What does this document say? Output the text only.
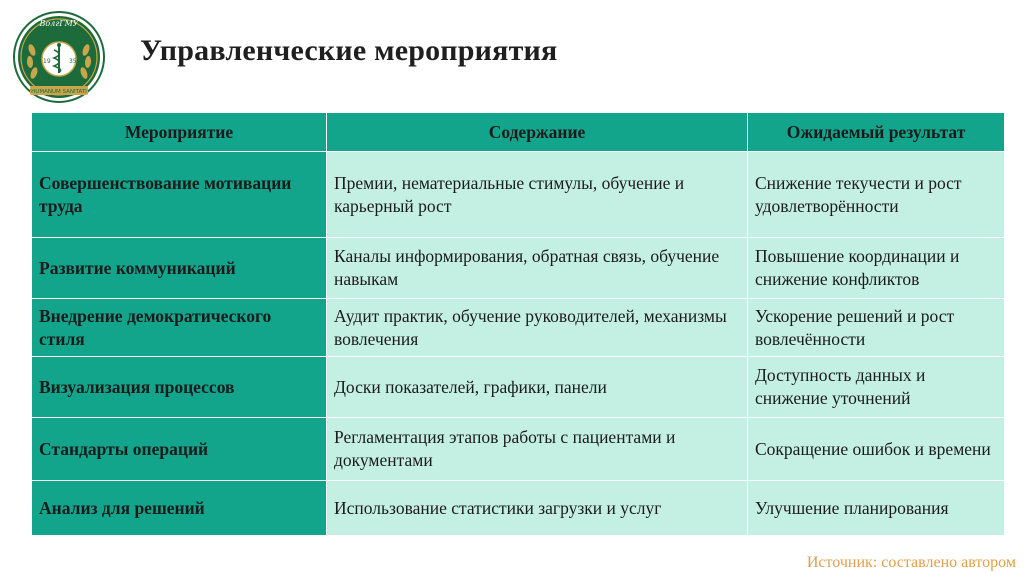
19	35
ВолгГМУ
HUMANUM SANITATI
Управленческие мероприятия
Мероприятие	Содержание	Ожидаемый результат
Совершенствование мотивации труда	Премии, нематериальные стимулы, обучение и карьерный рост	Снижение текучести и рост удовлетворённости
Развитие коммуникаций	Каналы информирования, обратная связь, обучение навыкам	Повышение координации и снижение конфликтов
Внедрение демократического стиля	Аудит практик, обучение руководителей, механизмы вовлечения	Ускорение решений и рост вовлечённости
Визуализация процессов	Доски показателей, графики, панели	Доступность данных и снижение уточнений
Стандарты операций	Регламентация этапов работы с пациентами и документами	Сокращение ошибок и времени
Анализ для решений	Использование статистики загрузки и услуг	Улучшение планирования
Источник: составлено автором
